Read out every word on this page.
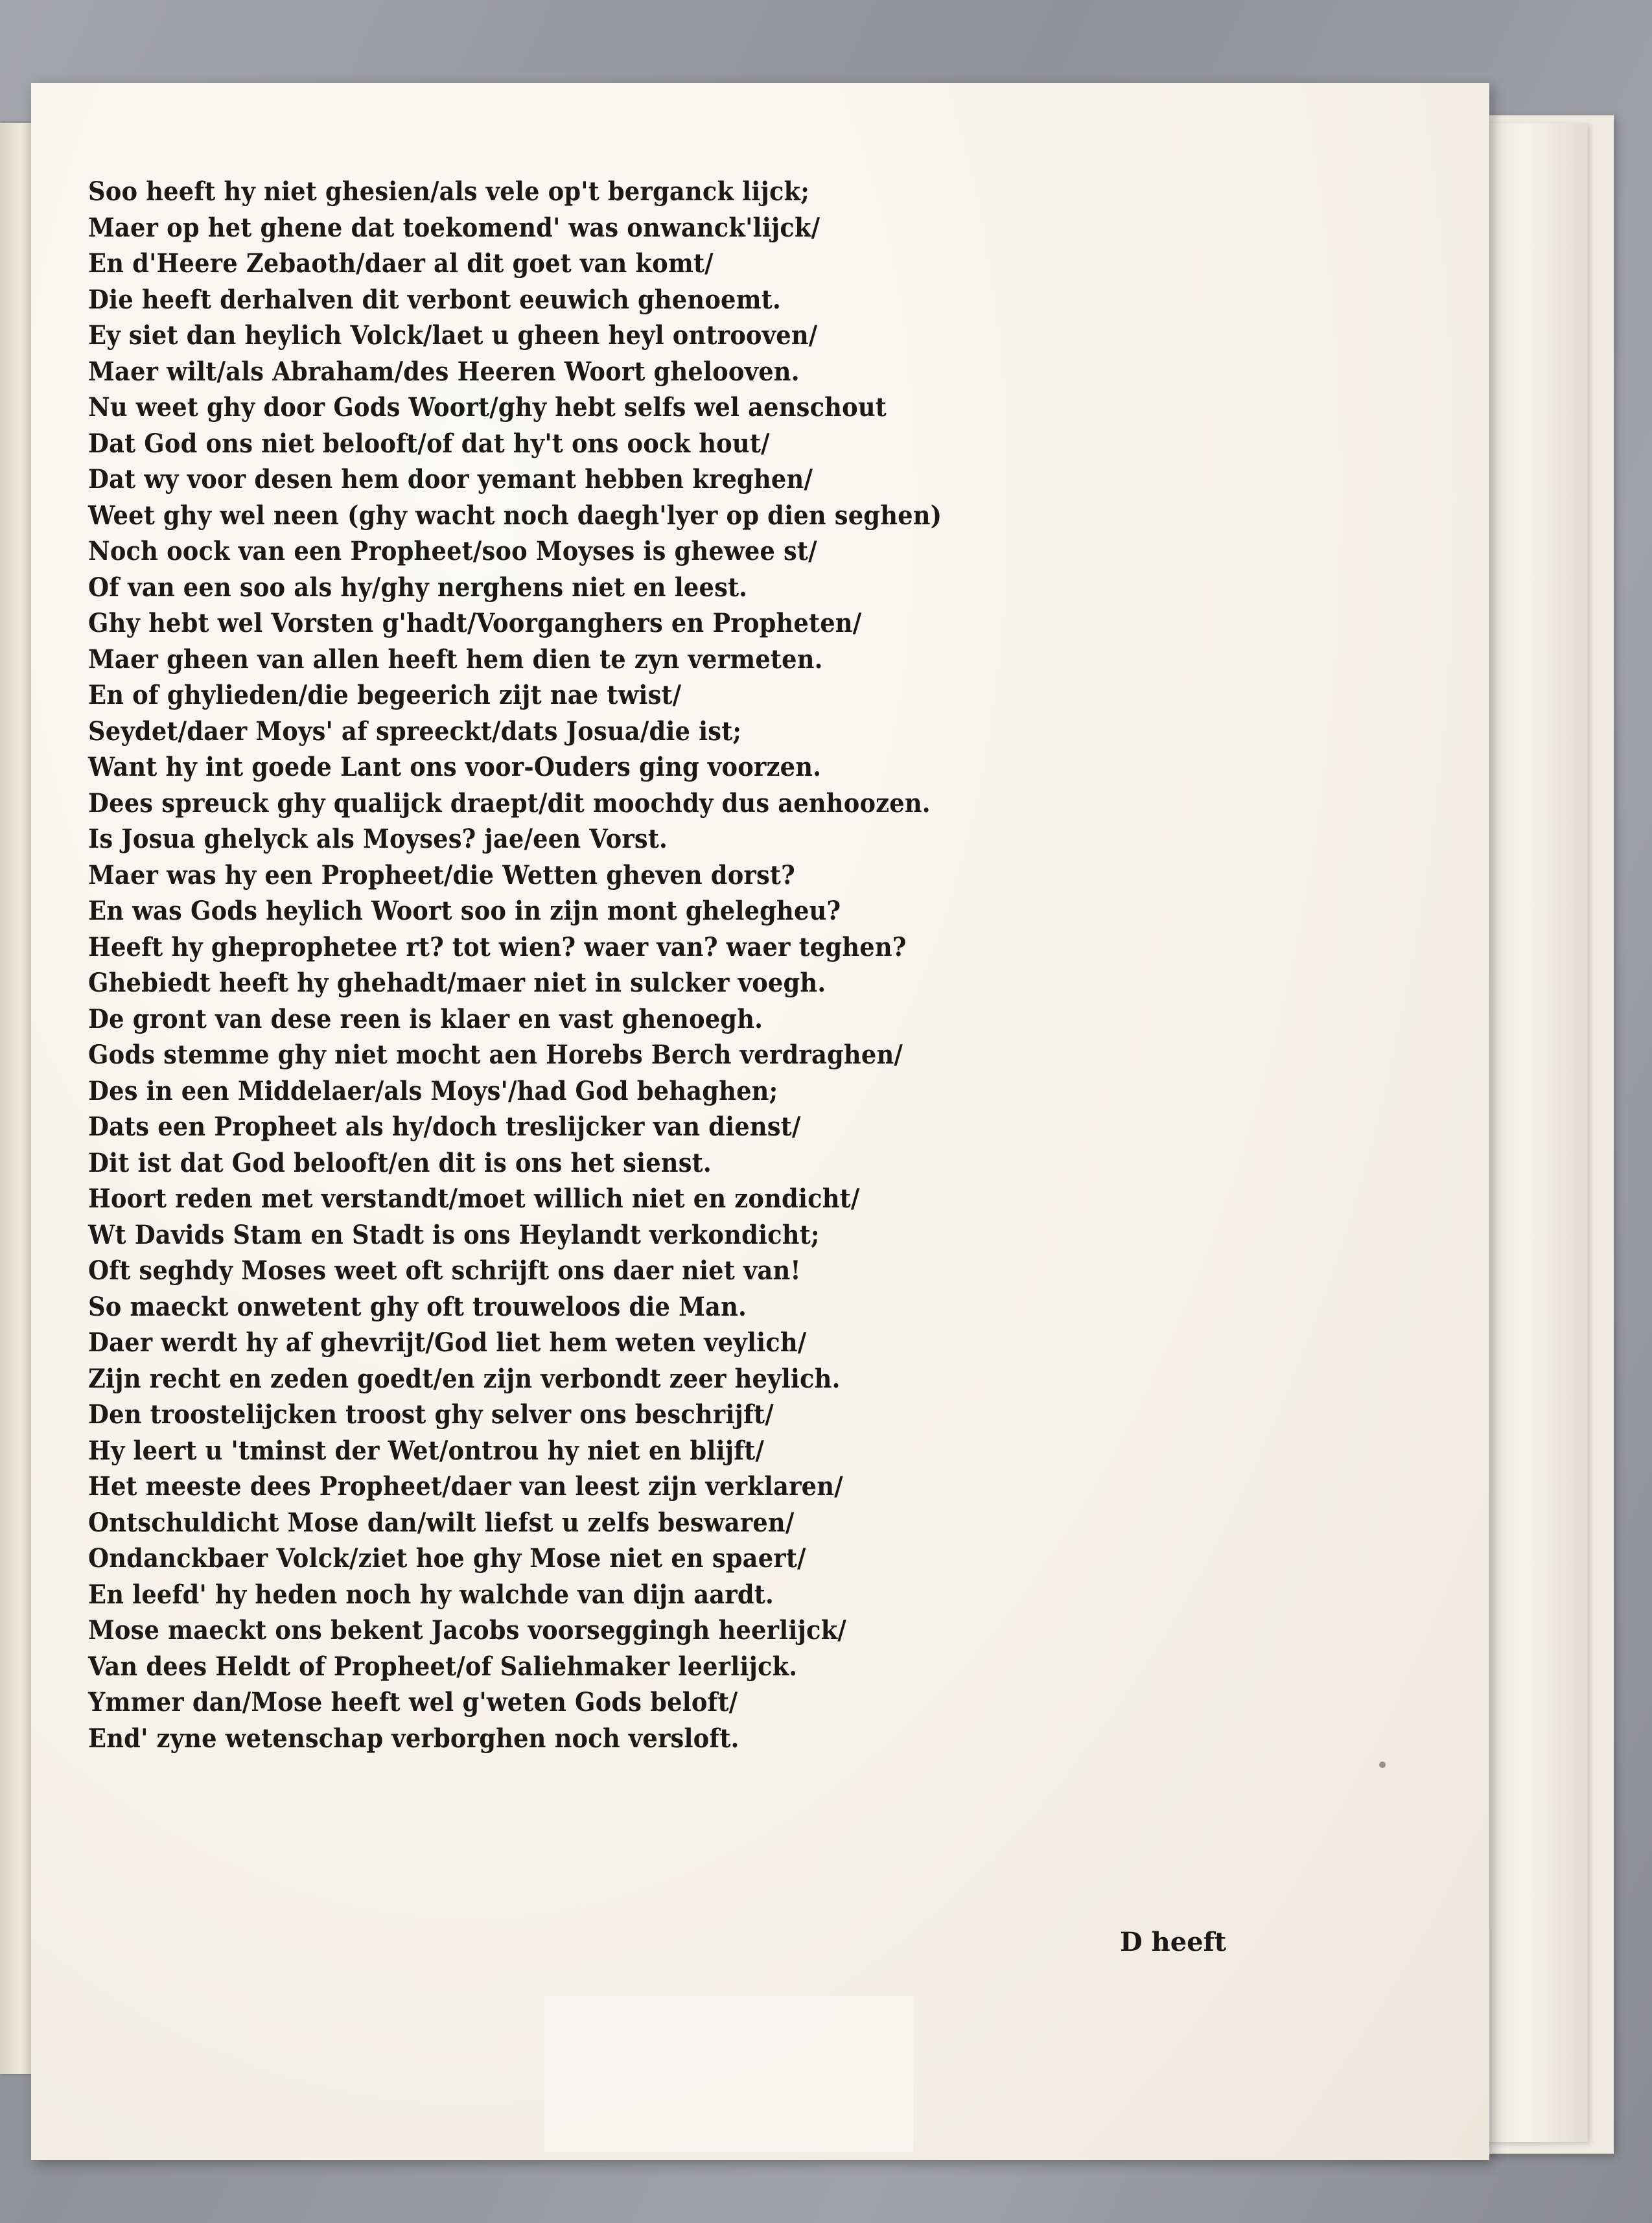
Soo heeft hy niet ghesien/als vele op't berganck lijck;
Maer op het ghene dat toekomend' was onwanck'lijck/
En d'Heere Zebaoth/daer al dit goet van komt/
Die heeft derhalven dit verbont eeuwich ghenoemt.
Ey siet dan heylich Volck/laet u gheen heyl ontrooven/
Maer wilt/als Abraham/des Heeren Woort ghelooven.
Nu weet ghy door Gods Woort/ghy hebt selfs wel aenschout
Dat God ons niet belooft/of dat hy't ons oock hout/
Dat wy voor desen hem door yemant hebben kreghen/
Weet ghy wel neen (ghy wacht noch daegh'lyer op dien seghen)
Noch oock van een Propheet/soo Moyses is ghewee st/
Of van een soo als hy/ghy nerghens niet en leest.
Ghy hebt wel Vorsten g'hadt/Voorganghers en Propheten/
Maer gheen van allen heeft hem dien te zyn vermeten.
En of ghylieden/die begeerich zijt nae twist/
Seydet/daer Moys' af spreeckt/dats Josua/die ist;
Want hy int goede Lant ons voor-Ouders ging voorzen.
Dees spreuck ghy qualijck draept/dit moochdy dus aenhoozen.
Is Josua ghelyck als Moyses? jae/een Vorst.
Maer was hy een Propheet/die Wetten gheven dorst?
En was Gods heylich Woort soo in zijn mont ghelegheu?
Heeft hy gheprophetee rt? tot wien? waer van? waer teghen?
Ghebiedt heeft hy ghehadt/maer niet in sulcker voegh.
De gront van dese reen is klaer en vast ghenoegh.
Gods stemme ghy niet mocht aen Horebs Berch verdraghen/
Des in een Middelaer/als Moys'/had God behaghen;
Dats een Propheet als hy/doch treslijcker van dienst/
Dit ist dat God belooft/en dit is ons het sienst.
Hoort reden met verstandt/moet willich niet en zondicht/
Wt Davids Stam en Stadt is ons Heylandt verkondicht;
Oft seghdy Moses weet oft schrijft ons daer niet van!
So maeckt onwetent ghy oft trouweloos die Man.
Daer werdt hy af ghevrijt/God liet hem weten veylich/
Zijn recht en zeden goedt/en zijn verbondt zeer heylich.
Den troostelijcken troost ghy selver ons beschrijft/
Hy leert u 'tminst der Wet/ontrou hy niet en blijft/
Het meeste dees Propheet/daer van leest zijn verklaren/
Ontschuldicht Mose dan/wilt liefst u zelfs beswaren/
Ondanckbaer Volck/ziet hoe ghy Mose niet en spaert/
En leefd' hy heden noch hy walchde van dijn aardt.
Mose maeckt ons bekent Jacobs voorseggingh heerlijck/
Van dees Heldt of Propheet/of Saliehmaker leerlijck.
Ymmer dan/Mose heeft wel g'weten Gods beloft/
End' zyne wetenschap verborghen noch versloft.
D heeft
